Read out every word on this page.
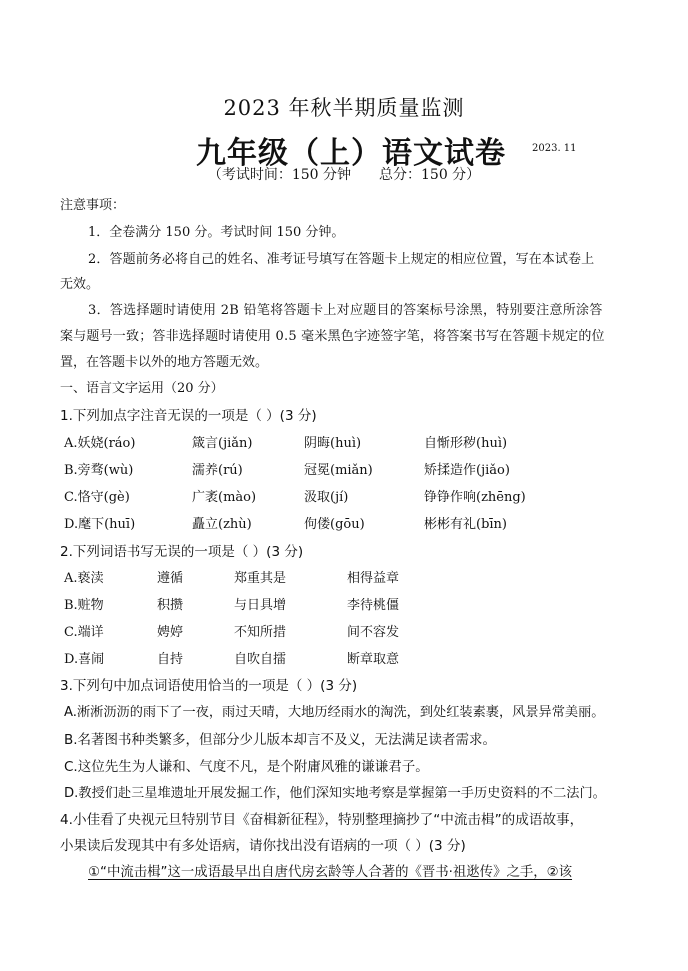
2023 年秋半期质量监测
九年级（上）语文试卷	2023. 11
（考试时间：150 分钟 总分：150 分）
注意事项：
1．全卷满分 150 分。考试时间 150 分钟。
2．答题前务必将自己的姓名、准考证号填写在答题卡上规定的相应位置，写在本试卷上
无效。
3．答选择题时请使用 2B 铅笔将答题卡上对应题目的答案标号涂黑，特别要注意所涂答
案与题号一致；答非选择题时请使用 0.5 毫米黑色字迹签字笔，将答案书写在答题卡规定的位
置，在答题卡以外的地方答题无效。
一、语言文字运用（20 分）
1.下列加点字注音无误的一项是（ ）(3 分)
A.妖娆(ráo)	箴言(jiǎn)	阴晦(huì)	自惭形秽(huì)
B.旁骛(wù)	濡养(rú)	冠冕(miǎn)	矫揉造作(jiǎo)
C.恪守(gè)	广袤(mào)	汲取(jí)	铮铮作响(zhēng)
D.麾下(huī)	矗立(zhù)	佝偻(gōu)	彬彬有礼(bīn)
2.下列词语书写无误的一项是（ ）(3 分)
A.亵渎	遵循	郑重其是	相得益章
B.赃物	积攒	与日具增	李待桃僵
C.端详	娉婷	不知所措	间不容发
D.喜闹	自持	自吹自擂	断章取意
3.下列句中加点词语使用恰当的一项是（ ）(3 分)
A.淅淅沥沥的雨下了一夜，雨过天晴，大地历经雨水的淘洗，到处红装素裹，风景异常美丽。
B.名著图书种类繁多，但部分少儿版本却言不及义，无法满足读者需求。
C.这位先生为人谦和、气度不凡，是个附庸风雅的谦谦君子。
D.教授们赴三星堆遗址开展发掘工作，他们深知实地考察是掌握第一手历史资料的不二法门。
4.小佳看了央视元旦特别节目《奋楫新征程》，特别整理摘抄了“中流击楫”的成语故事，
小果读后发现其中有多处语病，请你找出没有语病的一项（ ）(3 分)
①“中流击楫”这一成语最早出自唐代房玄龄等人合著的《晋书·祖逖传》之手，②该
